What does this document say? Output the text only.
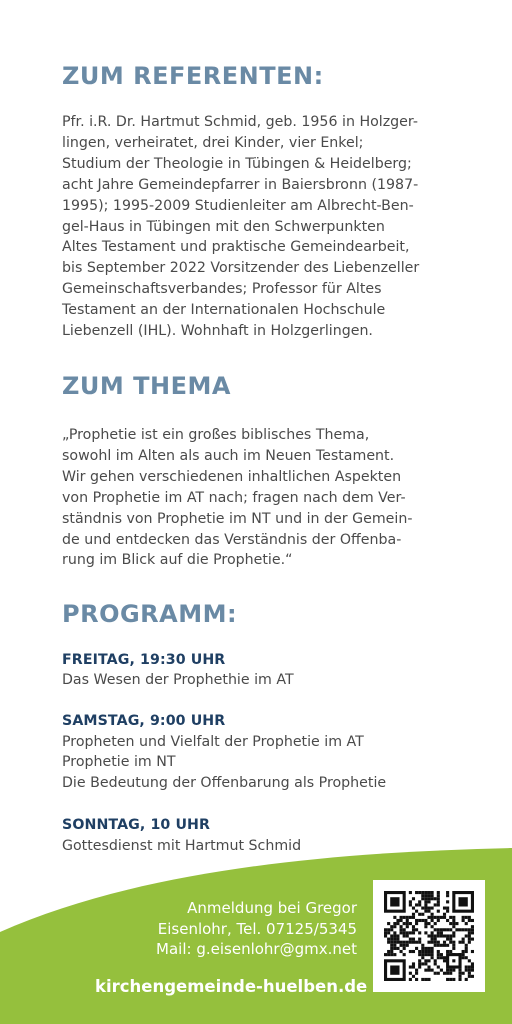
ZUM REFERENTEN:
Pfr. i.R. Dr. Hartmut Schmid, geb. 1956 in Holzger-
lingen, verheiratet, drei Kinder, vier Enkel;
Studium der Theologie in Tübingen & Heidelberg;
acht Jahre Gemeindepfarrer in Baiersbronn (1987-
1995); 1995-2009 Studienleiter am Albrecht-Ben-
gel-Haus in Tübingen mit den Schwerpunkten
Altes Testament und praktische Gemeindearbeit,
bis September 2022 Vorsitzender des Liebenzeller
Gemeinschaftsverbandes; Professor für Altes
Testament an der Internationalen Hochschule
Liebenzell (IHL). Wohnhaft in Holzgerlingen.
ZUM THEMA
„Prophetie ist ein großes biblisches Thema,
sowohl im Alten als auch im Neuen Testament.
Wir gehen verschiedenen inhaltlichen Aspekten
von Prophetie im AT nach; fragen nach dem Ver-
ständnis von Prophetie im NT und in der Gemein-
de und entdecken das Verständnis der Offenba-
rung im Blick auf die Prophetie.“
PROGRAMM:
FREITAG, 19:30 UHR
Das Wesen der Prophethie im AT
SAMSTAG, 9:00 UHR
Propheten und Vielfalt der Prophetie im AT
Prophetie im NT
Die Bedeutung der Offenbarung als Prophetie
SONNTAG, 10 UHR
Gottesdienst mit Hartmut Schmid
Anmeldung bei Gregor
Eisenlohr, Tel. 07125/5345
Mail: g.eisenlohr@gmx.net
kirchengemeinde-huelben.de
